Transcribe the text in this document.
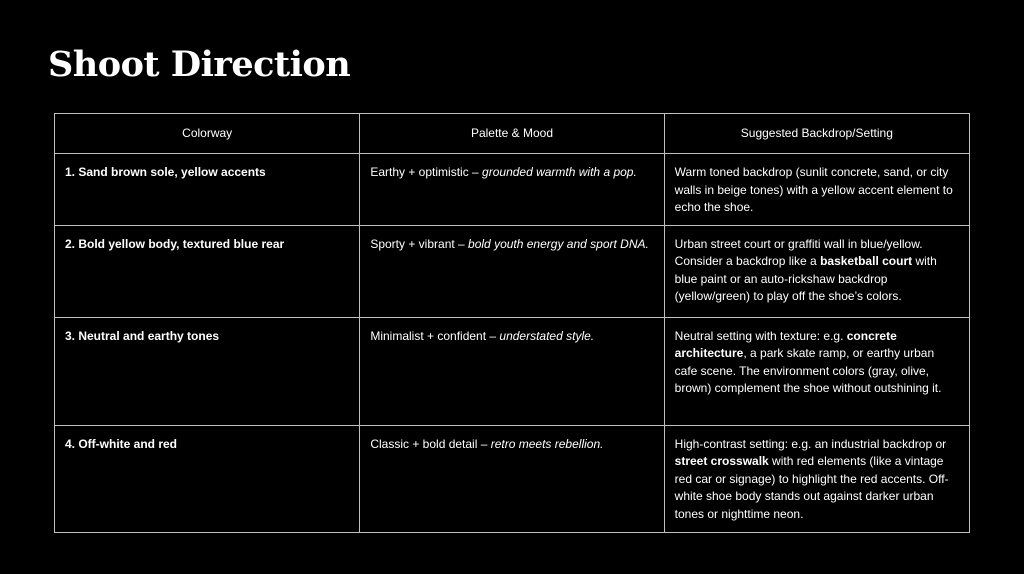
Shoot Direction
Colorway	Palette & Mood	Suggested Backdrop/Setting
1. Sand brown sole, yellow accents	Earthy + optimistic – grounded warmth with a pop.	Warm toned backdrop (sunlit concrete, sand, or city walls in beige tones) with a yellow accent element to echo the shoe.
2. Bold yellow body, textured blue rear	Sporty + vibrant – bold youth energy and sport DNA.	Urban street court or graffiti wall in blue/yellow. Consider a backdrop like a basketball court with blue paint or an auto-rickshaw backdrop (yellow/green) to play off the shoe’s colors.
3. Neutral and earthy tones	Minimalist + confident – understated style.	Neutral setting with texture: e.g. concrete architecture, a park skate ramp, or earthy urban cafe scene. The environment colors (gray, olive, brown) complement the shoe without outshining it.
4. Off-white and red	Classic + bold detail – retro meets rebellion.	High-contrast setting: e.g. an industrial backdrop or street crosswalk with red elements (like a vintage red car or signage) to highlight the red accents. Off-white shoe body stands out against darker urban tones or nighttime neon.
